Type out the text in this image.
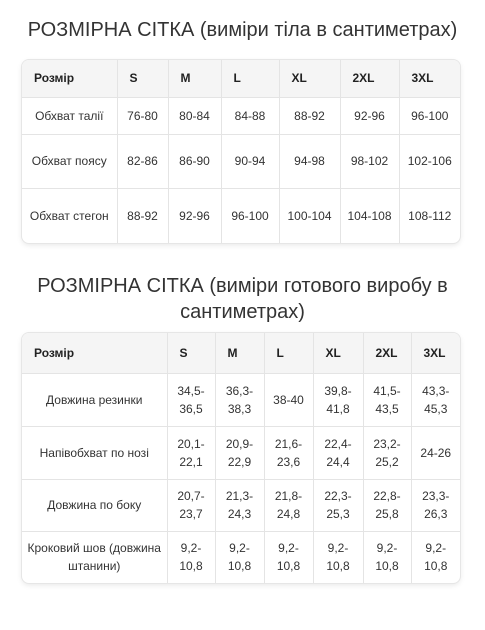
РОЗМІРНА СІТКА (виміри тіла в сантиметрах)
Розмір	S	M	L	XL	2XL	3XL
Обхват талії	76-80	80-84	84-88	88-92	92-96	96-100
Обхват поясу	82-86	86-90	90-94	94-98	98-102	102-106
Обхват стегон	88-92	92-96	96-100	100-104	104-108	108-112
РОЗМІРНА СІТКА (виміри готового виробу в сантиметрах)
Розмір	S	M	L	XL	2XL	3XL
Довжина резинки	34,5-36,5	36,3-38,3	38-40	39,8-41,8	41,5-43,5	43,3-45,3
Напівобхват по нозі	20,1-22,1	20,9-22,9	21,6-23,6	22,4-24,4	23,2-25,2	24-26
Довжина по боку	20,7-23,7	21,3-24,3	21,8-24,8	22,3-25,3	22,8-25,8	23,3-26,3
Кроковий шов (довжина штанини)	9,2-10,8	9,2-10,8	9,2-10,8	9,2-10,8	9,2-10,8	9,2-10,8
